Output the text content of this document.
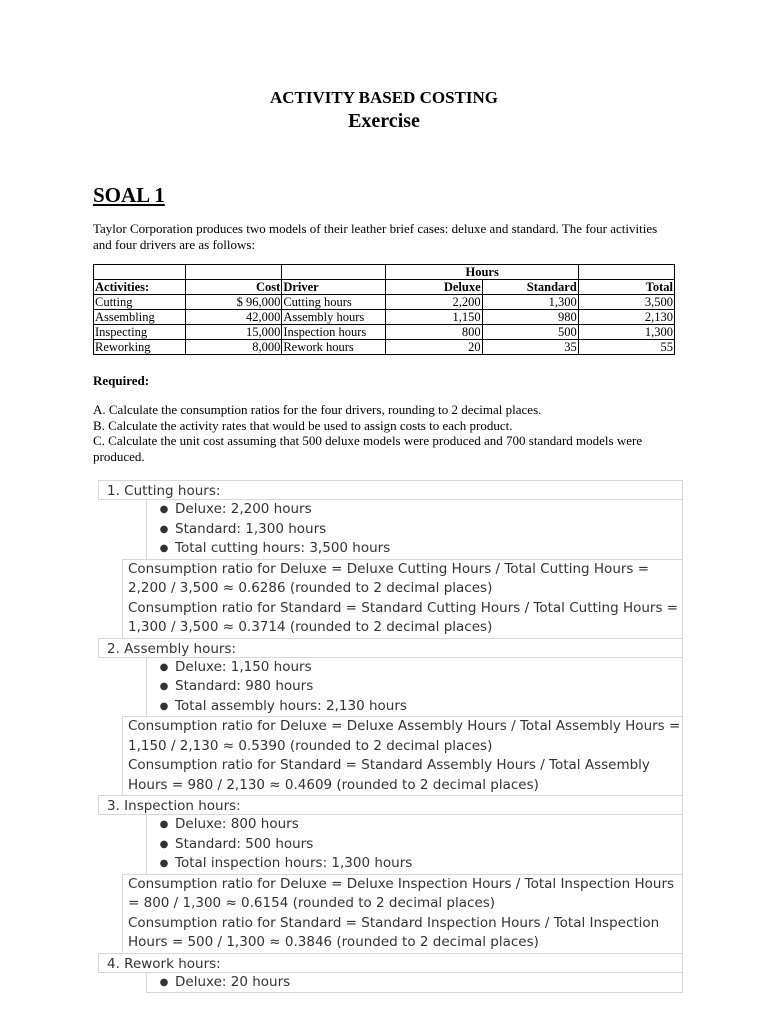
ACTIVITY BASED COSTING
Exercise
SOAL 1

Taylor Corporation produces two models of their leather brief cases: deluxe and standard. The four activities and four drivers are as follows:

			Hours		
Activities:	Cost	Driver	Deluxe	Standard	Total
Cutting	$ 96,000	Cutting hours	2,200	1,300	3,500
Assembling	42,000	Assembly hours	1,150	980	2,130
Inspecting	15,000	Inspection hours	800	500	1,300
Reworking	8,000	Rework hours	20	35	55

Required:

A. Calculate the consumption ratios for the four drivers, rounding to 2 decimal places.

B. Calculate the activity rates that would be used to assign costs to each product.

C. Calculate the unit cost assuming that 500 deluxe models were produced and 700 standard models were produced.

1. Cutting hours:
● Deluxe: 2,200 hours
● Standard: 1,300 hours
● Total cutting hours: 3,500 hours

Consumption ratio for Deluxe = Deluxe Cutting Hours / Total Cutting Hours = 2,200 / 3,500 ≈ 0.6286 (rounded to 2 decimal places)

Consumption ratio for Standard = Standard Cutting Hours / Total Cutting Hours = 1,300 / 3,500 ≈ 0.3714 (rounded to 2 decimal places)

2. Assembly hours:
● Deluxe: 1,150 hours
● Standard: 980 hours
● Total assembly hours: 2,130 hours

Consumption ratio for Deluxe = Deluxe Assembly Hours / Total Assembly Hours = 1,150 / 2,130 ≈ 0.5390 (rounded to 2 decimal places)

Consumption ratio for Standard = Standard Assembly Hours / Total Assembly Hours = 980 / 2,130 ≈ 0.4609 (rounded to 2 decimal places)

3. Inspection hours:
● Deluxe: 800 hours
● Standard: 500 hours
● Total inspection hours: 1,300 hours

Consumption ratio for Deluxe = Deluxe Inspection Hours / Total Inspection Hours = 800 / 1,300 ≈ 0.6154 (rounded to 2 decimal places)

Consumption ratio for Standard = Standard Inspection Hours / Total Inspection Hours = 500 / 1,300 ≈ 0.3846 (rounded to 2 decimal places)

4. Rework hours:
● Deluxe: 20 hours
